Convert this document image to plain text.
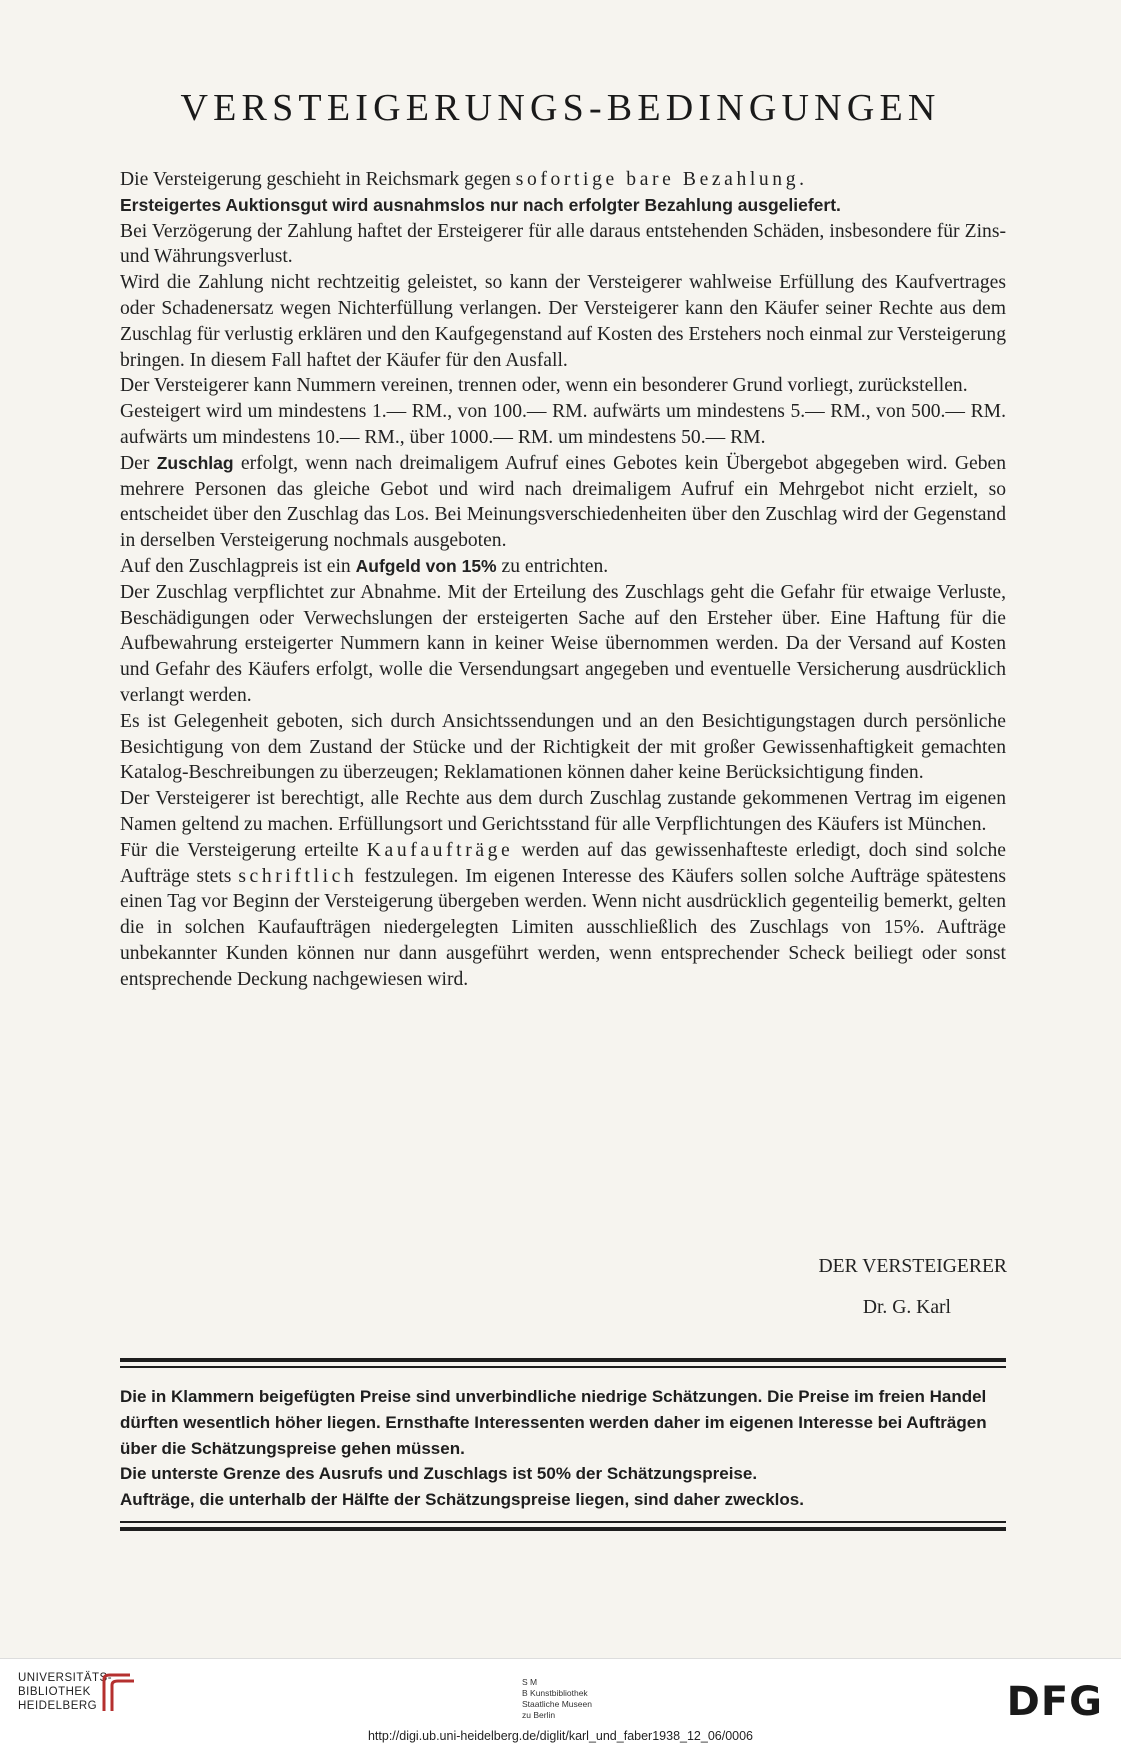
VERSTEIGERUNGS-BEDINGUNGEN

Die Versteigerung geschieht in Reichsmark gegen sofortige bare Bezahlung.

Ersteigertes Auktionsgut wird ausnahmslos nur nach erfolgter Bezahlung ausgeliefert.

Bei Verzögerung der Zahlung haftet der Ersteigerer für alle daraus entstehenden Schäden, insbesondere für Zins- und Währungsverlust.

Wird die Zahlung nicht rechtzeitig geleistet, so kann der Versteigerer wahlweise Erfüllung des Kaufvertrages oder Schadenersatz wegen Nichterfüllung verlangen. Der Versteigerer kann den Käufer seiner Rechte aus dem Zuschlag für verlustig erklären und den Kaufgegenstand auf Kosten des Erstehers noch einmal zur Versteigerung bringen. In diesem Fall haftet der Käufer für den Ausfall.

Der Versteigerer kann Nummern vereinen, trennen oder, wenn ein besonderer Grund vorliegt, zurückstellen.

Gesteigert wird um mindestens 1.— RM., von 100.— RM. aufwärts um mindestens 5.— RM., von 500.— RM. aufwärts um mindestens 10.— RM., über 1000.— RM. um mindestens 50.— RM.

Der Zuschlag erfolgt, wenn nach dreimaligem Aufruf eines Gebotes kein Übergebot abgegeben wird. Geben mehrere Personen das gleiche Gebot und wird nach dreimaligem Aufruf ein Mehrgebot nicht erzielt, so entscheidet über den Zuschlag das Los. Bei Meinungsverschiedenheiten über den Zuschlag wird der Gegenstand in derselben Versteigerung nochmals ausgeboten.

Auf den Zuschlagpreis ist ein Aufgeld von 15% zu entrichten.

Der Zuschlag verpflichtet zur Abnahme. Mit der Erteilung des Zuschlags geht die Gefahr für etwaige Verluste, Beschädigungen oder Verwechslungen der ersteigerten Sache auf den Ersteher über. Eine Haftung für die Aufbewahrung ersteigerter Nummern kann in keiner Weise übernommen werden. Da der Versand auf Kosten und Gefahr des Käufers erfolgt, wolle die Versendungsart angegeben und eventuelle Versicherung ausdrücklich verlangt werden.

Es ist Gelegenheit geboten, sich durch Ansichtssendungen und an den Besichtigungstagen durch persönliche Besichtigung von dem Zustand der Stücke und der Richtigkeit der mit großer Gewissenhaftigkeit gemachten Katalog-Beschreibungen zu überzeugen; Reklamationen können daher keine Berücksichtigung finden.

Der Versteigerer ist berechtigt, alle Rechte aus dem durch Zuschlag zustande gekommenen Vertrag im eigenen Namen geltend zu machen. Erfüllungsort und Gerichtsstand für alle Verpflichtungen des Käufers ist München.

Für die Versteigerung erteilte Kaufaufträge werden auf das gewissenhafteste erledigt, doch sind solche Aufträge stets schriftlich festzulegen. Im eigenen Interesse des Käufers sollen solche Aufträge spätestens einen Tag vor Beginn der Versteigerung übergeben werden. Wenn nicht ausdrücklich gegenteilig bemerkt, gelten die in solchen Kaufaufträgen niedergelegten Limiten ausschließlich des Zuschlags von 15%. Aufträge unbekannter Kunden können nur dann ausgeführt werden, wenn entsprechender Scheck beiliegt oder sonst entsprechende Deckung nachgewiesen wird.

DER VERSTEIGERER
Dr. G. Karl

Die in Klammern beigefügten Preise sind unverbindliche niedrige Schätzungen. Die Preise im freien Handel dürften wesentlich höher liegen. Ernsthafte Interessenten werden daher im eigenen Interesse bei Aufträgen über die Schätzungspreise gehen müssen.

Die unterste Grenze des Ausrufs und Zuschlags ist 50% der Schätzungspreise.

Aufträge, die unterhalb der Hälfte der Schätzungspreise liegen, sind daher zwecklos.

UNIVERSITÄTS-
BIBLIOTHEK
HEIDELBERG
S M
B Kunstbibliothek
Staatliche Museen
zu Berlin	DFG
http://digi.ub.uni-heidelberg.de/diglit/karl_und_faber1938_12_06/0006
